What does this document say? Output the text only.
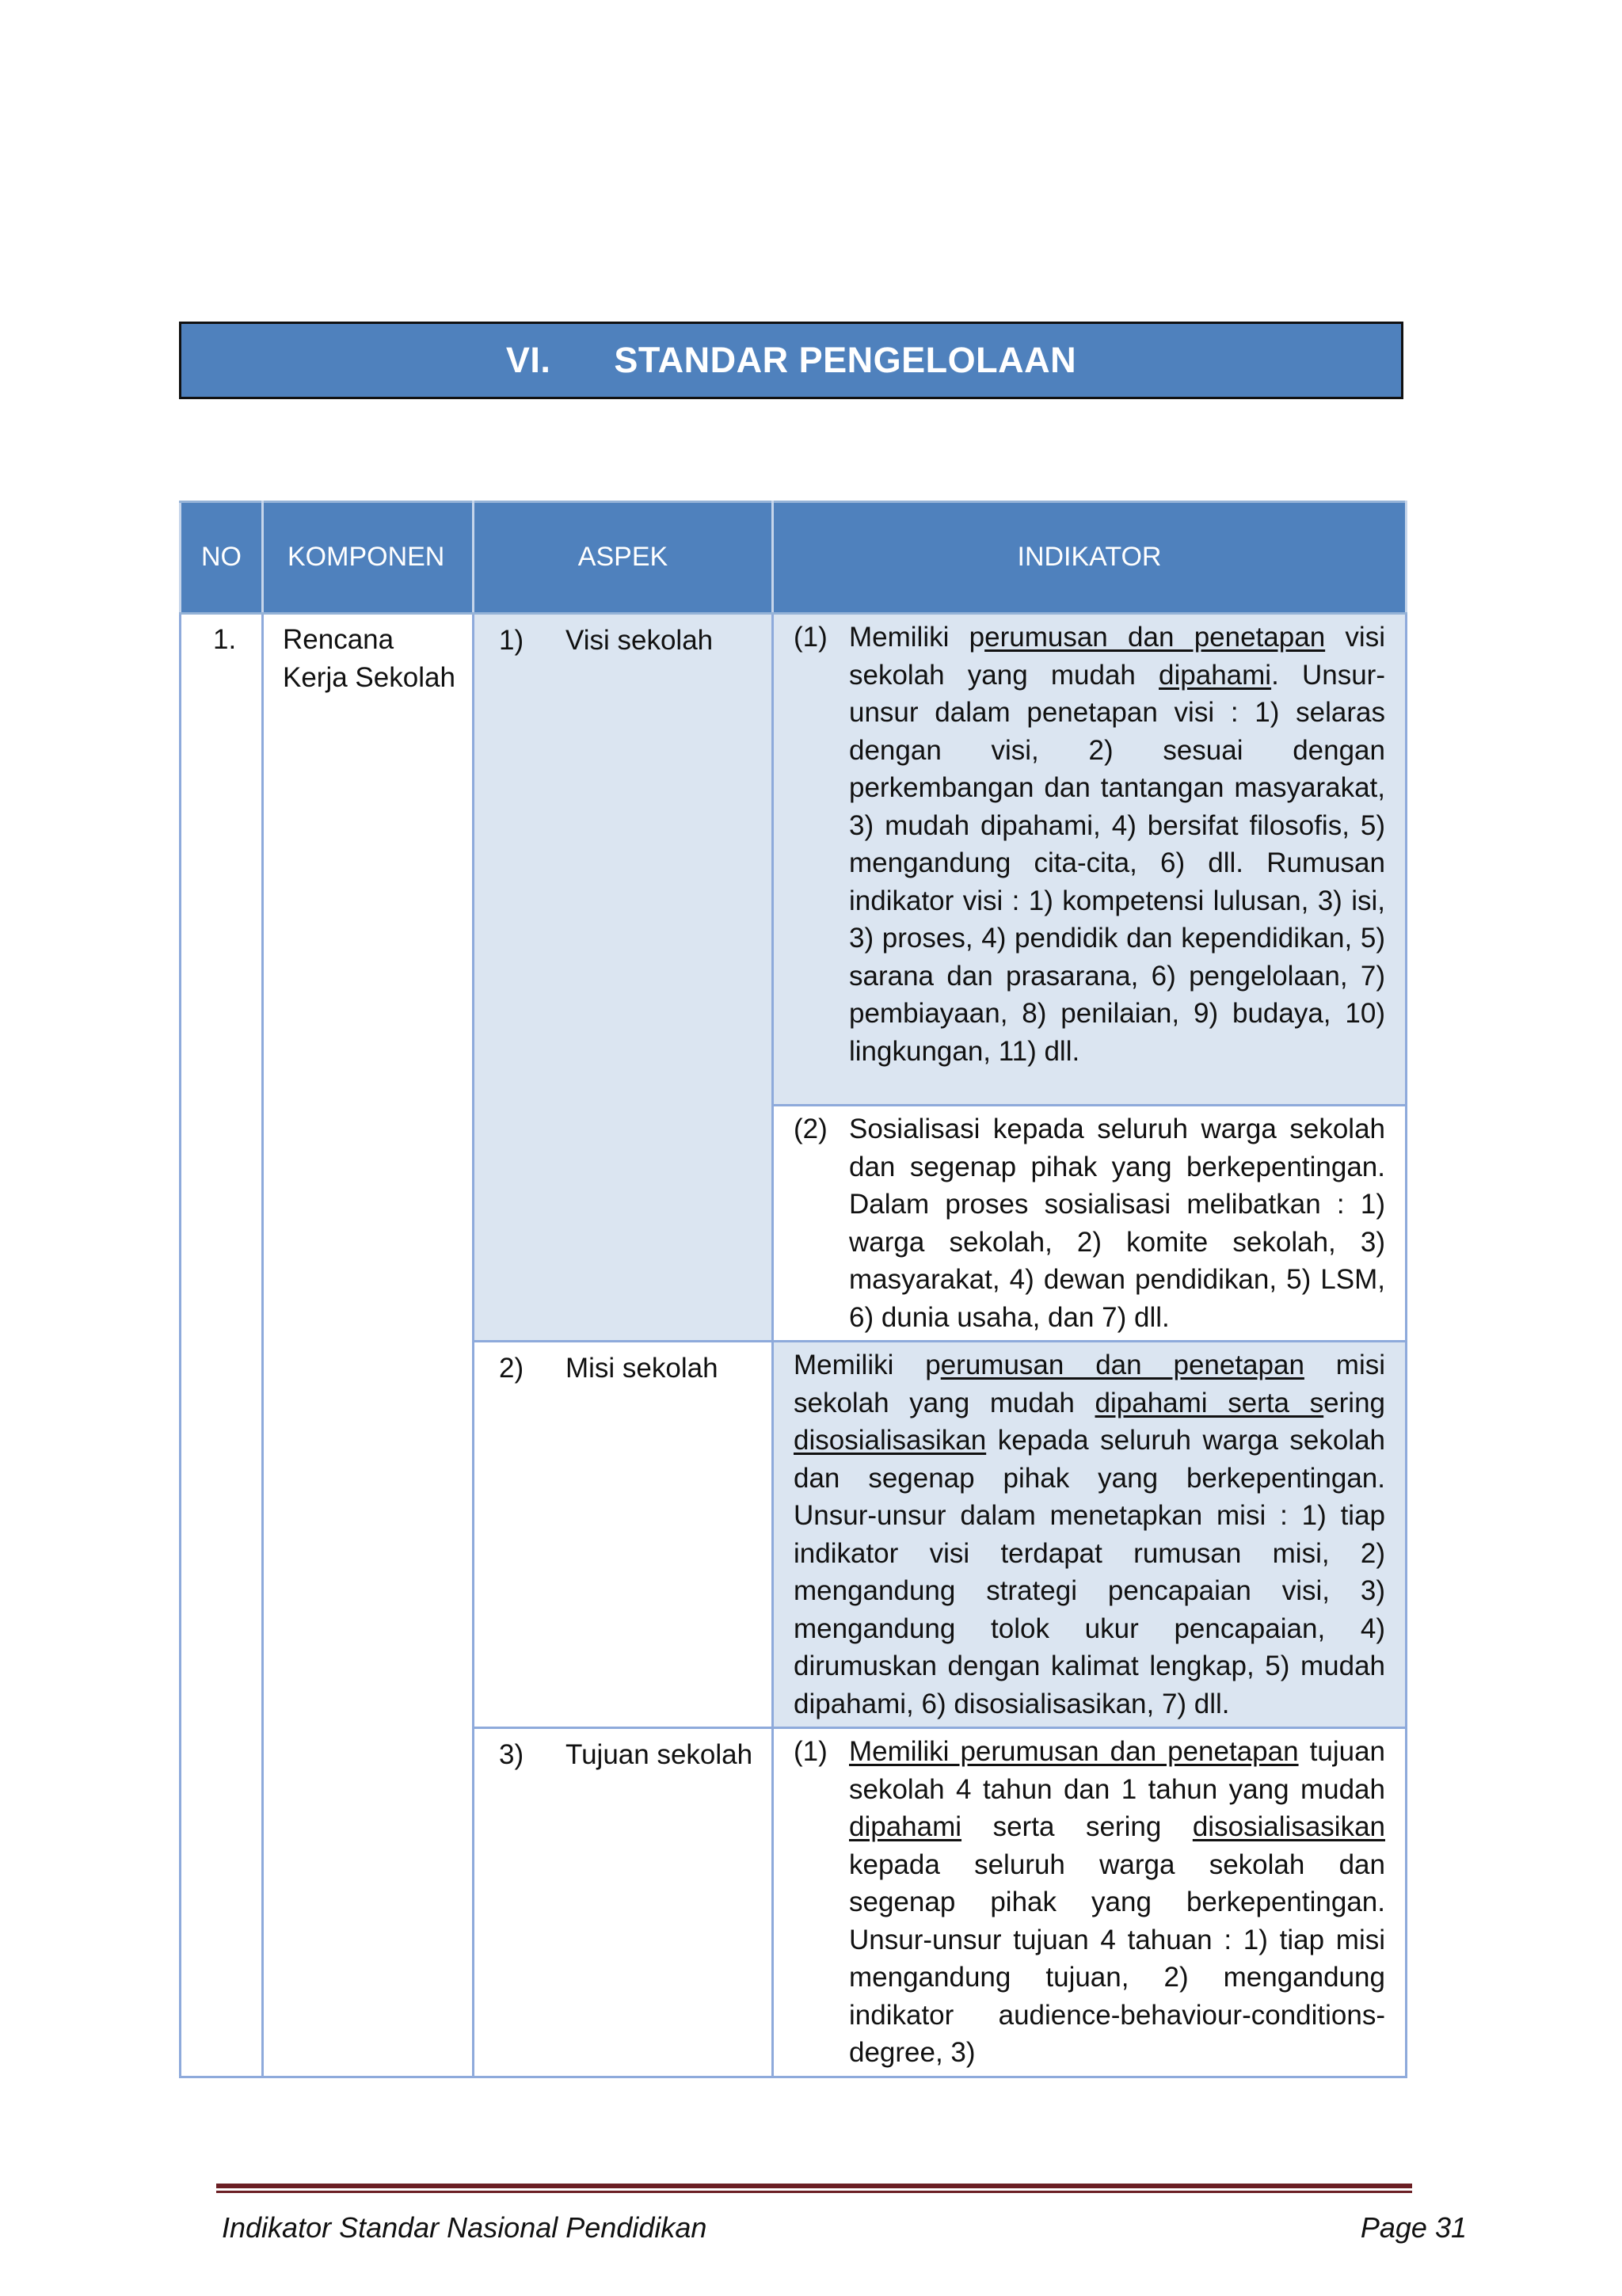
VI. STANDAR PENGELOLAAN
NO	KOMPONEN	ASPEK	INDIKATOR
1.	Rencana Kerja Sekolah	1) Visi sekolah	(1) Memiliki perumusan dan penetapan visi sekolah yang mudah dipahami. Unsur-unsur dalam penetapan visi : 1) selaras dengan visi, 2) sesuai dengan perkembangan dan tantangan masyarakat, 3) mudah dipahami, 4) bersifat filosofis, 5) mengandung cita-cita, 6) dll. Rumusan indikator visi : 1) kompetensi lulusan, 3) isi, 3) proses, 4) pendidik dan kependidikan, 5) sarana dan prasarana, 6) pengelolaan, 7) pembiayaan, 8) penilaian, 9) budaya, 10) lingkungan, 11) dll.

			(2) Sosialisasi kepada seluruh warga sekolah dan segenap pihak yang berkepentingan. Dalam proses sosialisasi melibatkan : 1) warga sekolah, 2) komite sekolah, 3) masyarakat, 4) dewan pendidikan, 5) LSM, 6) dunia usaha, dan 7) dll.

		2) Misi sekolah	Memiliki perumusan dan penetapan misi sekolah yang mudah dipahami serta sering disosialisasikan kepada seluruh warga sekolah dan segenap pihak yang berkepentingan. Unsur-unsur dalam menetapkan misi : 1) tiap indikator visi terdapat rumusan misi, 2) mengandung strategi pencapaian visi, 3) mengandung tolok ukur pencapaian, 4) dirumuskan dengan kalimat lengkap, 5) mudah dipahami, 6) disosialisasikan, 7) dll.

		3) Tujuan sekolah	(1) Memiliki perumusan dan penetapan tujuan sekolah 4 tahun dan 1 tahun yang mudah dipahami serta sering disosialisasikan kepada seluruh warga sekolah dan segenap pihak yang berkepentingan. Unsur-unsur tujuan 4 tahuan : 1) tiap misi mengandung tujuan, 2) mengandung indikator audience-behaviour-conditions-degree, 3)
Indikator Standar Nasional Pendidikan	Page 31
